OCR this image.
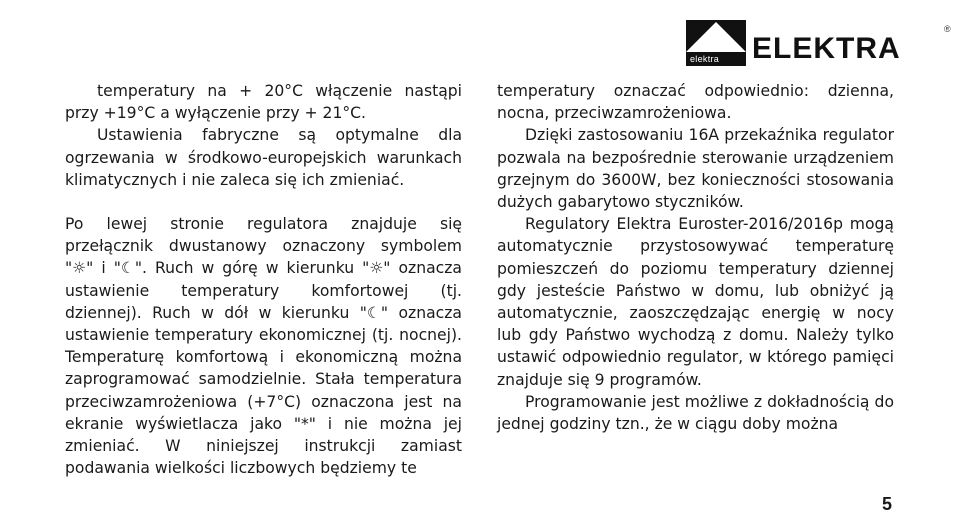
elektra ELEKTRA
®

temperatury na + 20°C włączenie nastąpi przy +19°C a wyłączenie przy + 21°C.

Ustawienia fabryczne są optymalne dla ogrzewania w środkowo-europejskich warunkach klimatycznych i nie zaleca się ich zmieniać.

Po lewej stronie regulatora znajduje się przełącznik dwustanowy oznaczony symbolem "☼" i "☾". Ruch w górę w kierunku "☼" oznacza ustawienie temperatury komfortowej (tj. dziennej). Ruch w dół w kierunku "☾" oznacza ustawienie temperatury ekonomicznej (tj. nocnej). Temperaturę komfortową i ekonomiczną można zaprogramować samodzielnie. Stała temperatura przeciwzamrożeniowa (+7°C) oznaczona jest na ekranie wyświetlacza jako "*" i nie można jej zmieniać. W niniejszej instrukcji zamiast podawania wielkości liczbowych będziemy te

temperatury oznaczać odpowiednio: dzienna, nocna, przeciwzamrożeniowa.

Dzięki zastosowaniu 16A przekaźnika regulator pozwala na bezpośrednie sterowanie urządzeniem grzejnym do 3600W, bez konieczności stosowania dużych gabarytowo styczników.

Regulatory Elektra Euroster-2016/2016p mogą automatycznie przystosowywać temperaturę pomieszczeń do poziomu temperatury dziennej gdy jesteście Państwo w domu, lub obniżyć ją automatycznie, zaoszczędzając energię w nocy lub gdy Państwo wychodzą z domu. Należy tylko ustawić odpowiednio regulator, w którego pamięci znajduje się 9 programów.

Programowanie jest możliwe z dokładnością do jednej godziny tzn., że w ciągu doby można

5
